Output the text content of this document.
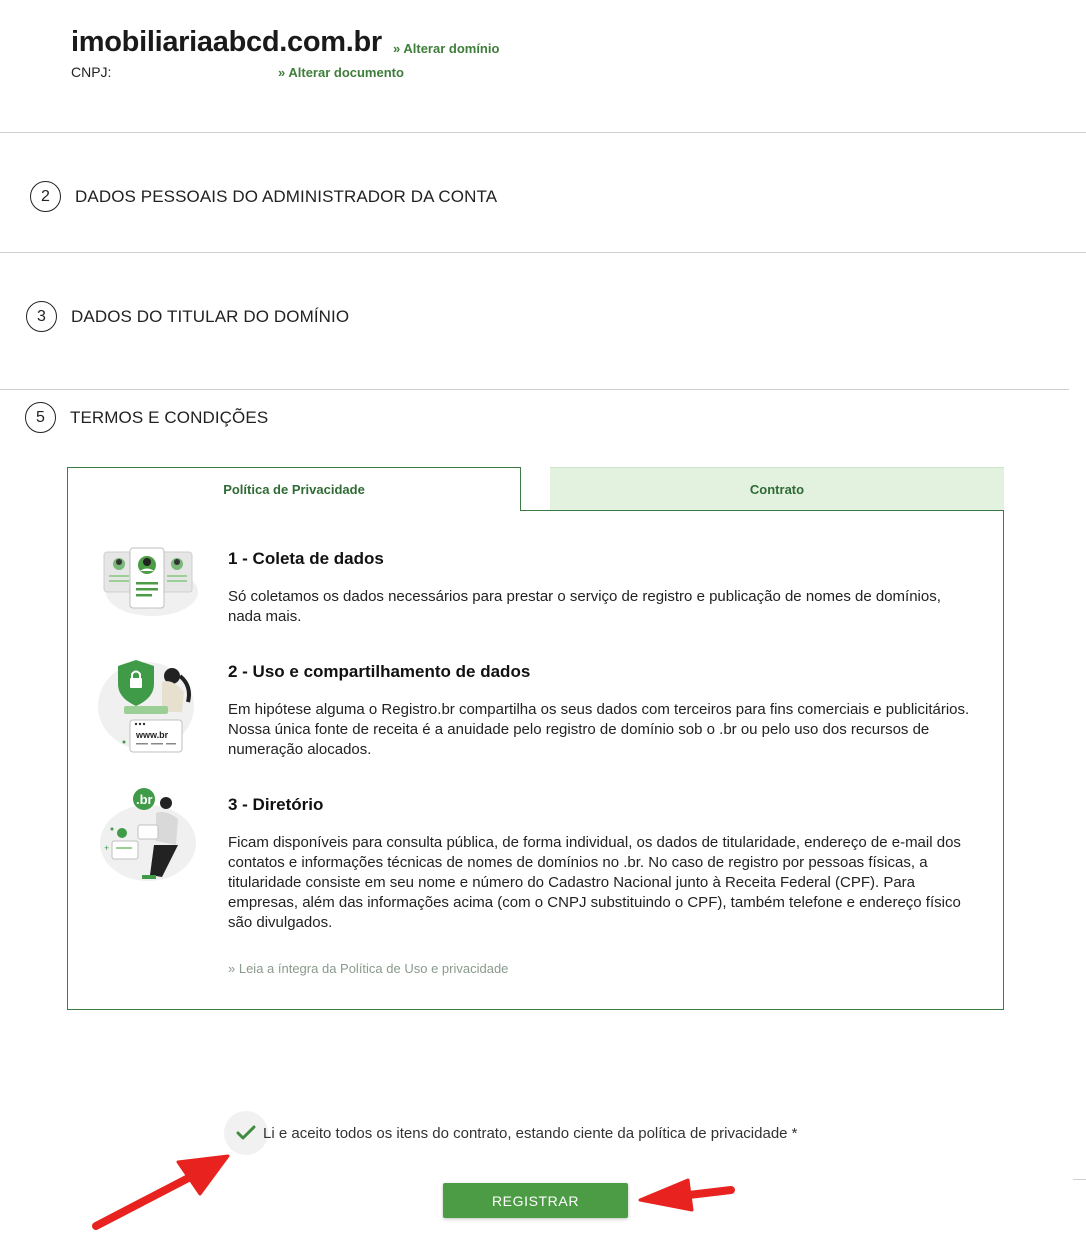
imobiliariaabcd.com.br » Alterar domínio
CNPJ:	» Alterar documento
2	DADOS PESSOAIS DO ADMINISTRADOR DA CONTA
3	DADOS DO TITULAR DO DOMÍNIO
5	TERMOS E CONDIÇÕES
Contrato
Política de Privacidade
www.br
.br
+
1 - Coleta de dados

Só coletamos os dados necessários para prestar o serviço de registro e publicação de nomes de domínios, nada mais.

2 - Uso e compartilhamento de dados

Em hipótese alguma o Registro.br compartilha os seus dados com terceiros para fins comerciais e publicitários. Nossa única fonte de receita é a anuidade pelo registro de domínio sob o .br ou pelo uso dos recursos de numeração alocados.

3 - Diretório

Ficam disponíveis para consulta pública, de forma individual, os dados de titularidade, endereço de e-mail dos contatos e informações técnicas de nomes de domínios no .br. No caso de registro por pessoas físicas, a titularidade consiste em seu nome e número do Cadastro Nacional junto à Receita Federal (CPF). Para empresas, além das informações acima (com o CNPJ substituindo o CPF), também telefone e endereço físico são divulgados.

» Leia a íntegra da Política de Uso e privacidade
Li e aceito todos os itens do contrato, estando ciente da política de privacidade *
REGISTRAR
